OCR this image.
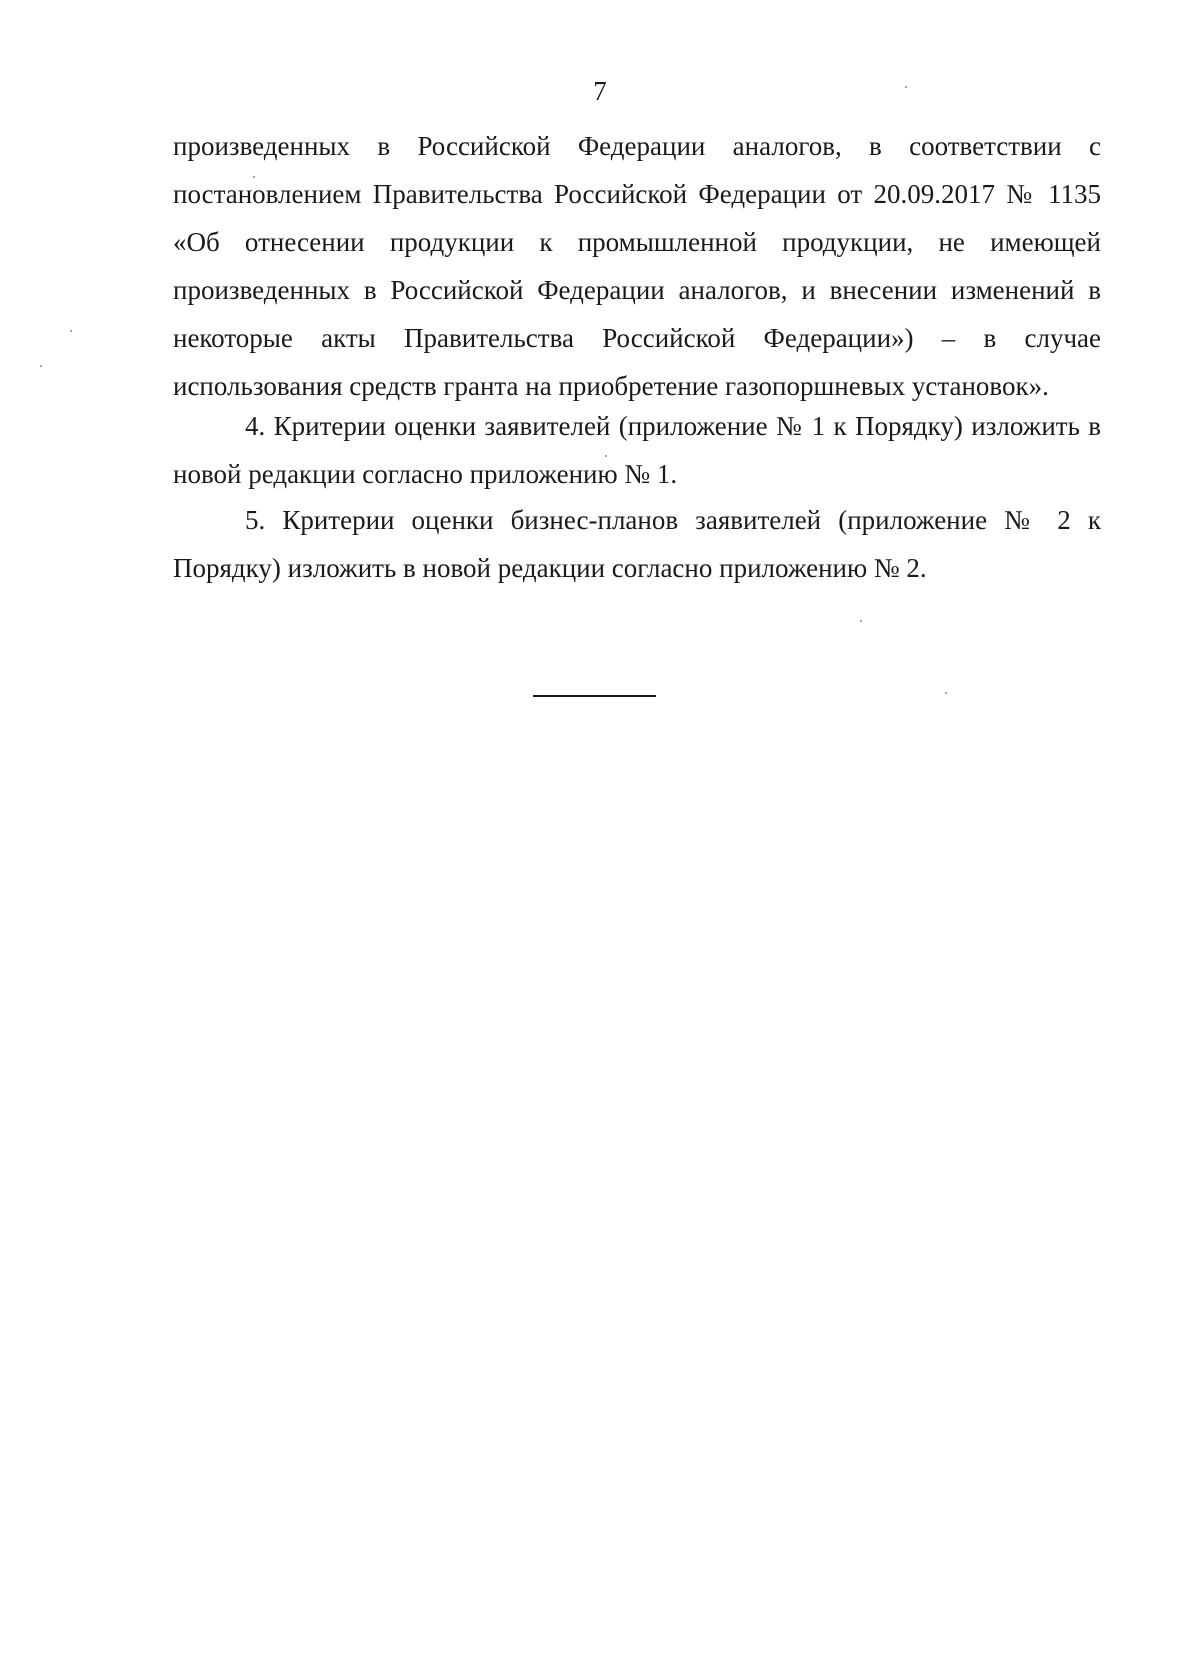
7
произведенных в Российской Федерации аналогов, в соответствии с
постановлением Правительства Российской Федерации от 20.09.2017 № 1135
«Об отнесении продукции к промышленной продукции, не имеющей
произведенных в Российской Федерации аналогов, и внесении изменений в
некоторые акты Правительства Российской Федерации») – в случае
использования средств гранта на приобретение газопоршневых установок».
4. Критерии оценки заявителей (приложение № 1 к Порядку) изложить в
новой редакции согласно приложению № 1.
5. Критерии оценки бизнес-планов заявителей (приложение № 2 к
Порядку) изложить в новой редакции согласно приложению № 2.
